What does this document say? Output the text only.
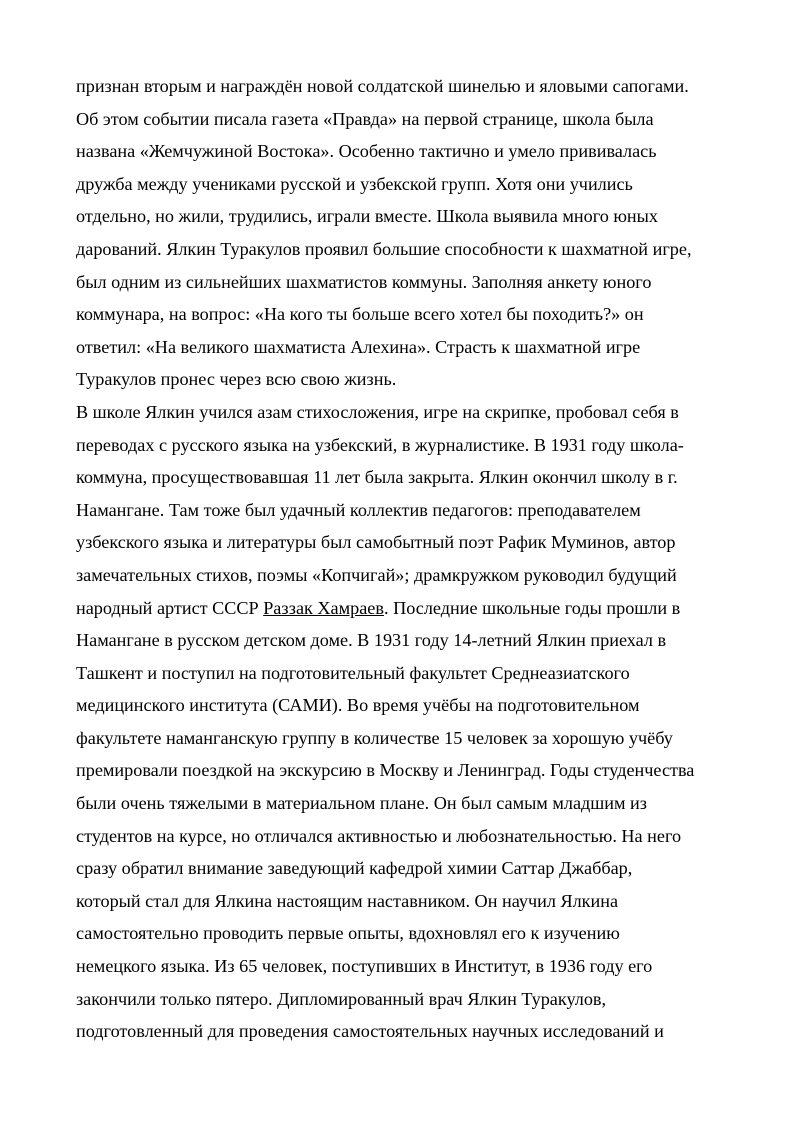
признан вторым и награждён новой солдатской шинелью и яловыми сапогами.
Об этом событии писала газета «Правда» на первой странице, школа была
названа «Жемчужиной Востока». Особенно тактично и умело прививалась
дружба между учениками русской и узбекской групп. Хотя они учились
отдельно, но жили, трудились, играли вместе. Школа выявила много юных
дарований. Ялкин Туракулов проявил большие способности к шахматной игре,
был одним из сильнейших шахматистов коммуны. Заполняя анкету юного
коммунара, на вопрос: «На кого ты больше всего хотел бы походить?» он
ответил: «На великого шахматиста Алехина». Страсть к шахматной игре
Туракулов пронес через всю свою жизнь.
В школе Ялкин учился азам стихосложения, игре на скрипке, пробовал себя в
переводах с русского языка на узбекский, в журналистике. В 1931 году школа-
коммуна, просуществовавшая 11 лет была закрыта. Ялкин окончил школу в г.
Намангане. Там тоже был удачный коллектив педагогов: преподавателем
узбекского языка и литературы был самобытный поэт Рафик Муминов, автор
замечательных стихов, поэмы «Копчигай»; драмкружком руководил будущий
народный артист СССР Раззак Хамраев. Последние школьные годы прошли в
Намангане в русском детском доме. В 1931 году 14-летний Ялкин приехал в
Ташкент и поступил на подготовительный факультет Среднеазиатского
медицинского института (САМИ). Во время учёбы на подготовительном
факультете наманганскую группу в количестве 15 человек за хорошую учёбу
премировали поездкой на экскурсию в Москву и Ленинград. Годы студенчества
были очень тяжелыми в материальном плане. Он был самым младшим из
студентов на курсе, но отличался активностью и любознательностью. На него
сразу обратил внимание заведующий кафедрой химии Саттар Джаббар,
который стал для Ялкина настоящим наставником. Он научил Ялкина
самостоятельно проводить первые опыты, вдохновлял его к изучению
немецкого языка. Из 65 человек, поступивших в Институт, в 1936 году его
закончили только пятеро. Дипломированный врач Ялкин Туракулов,
подготовленный для проведения самостоятельных научных исследований и
